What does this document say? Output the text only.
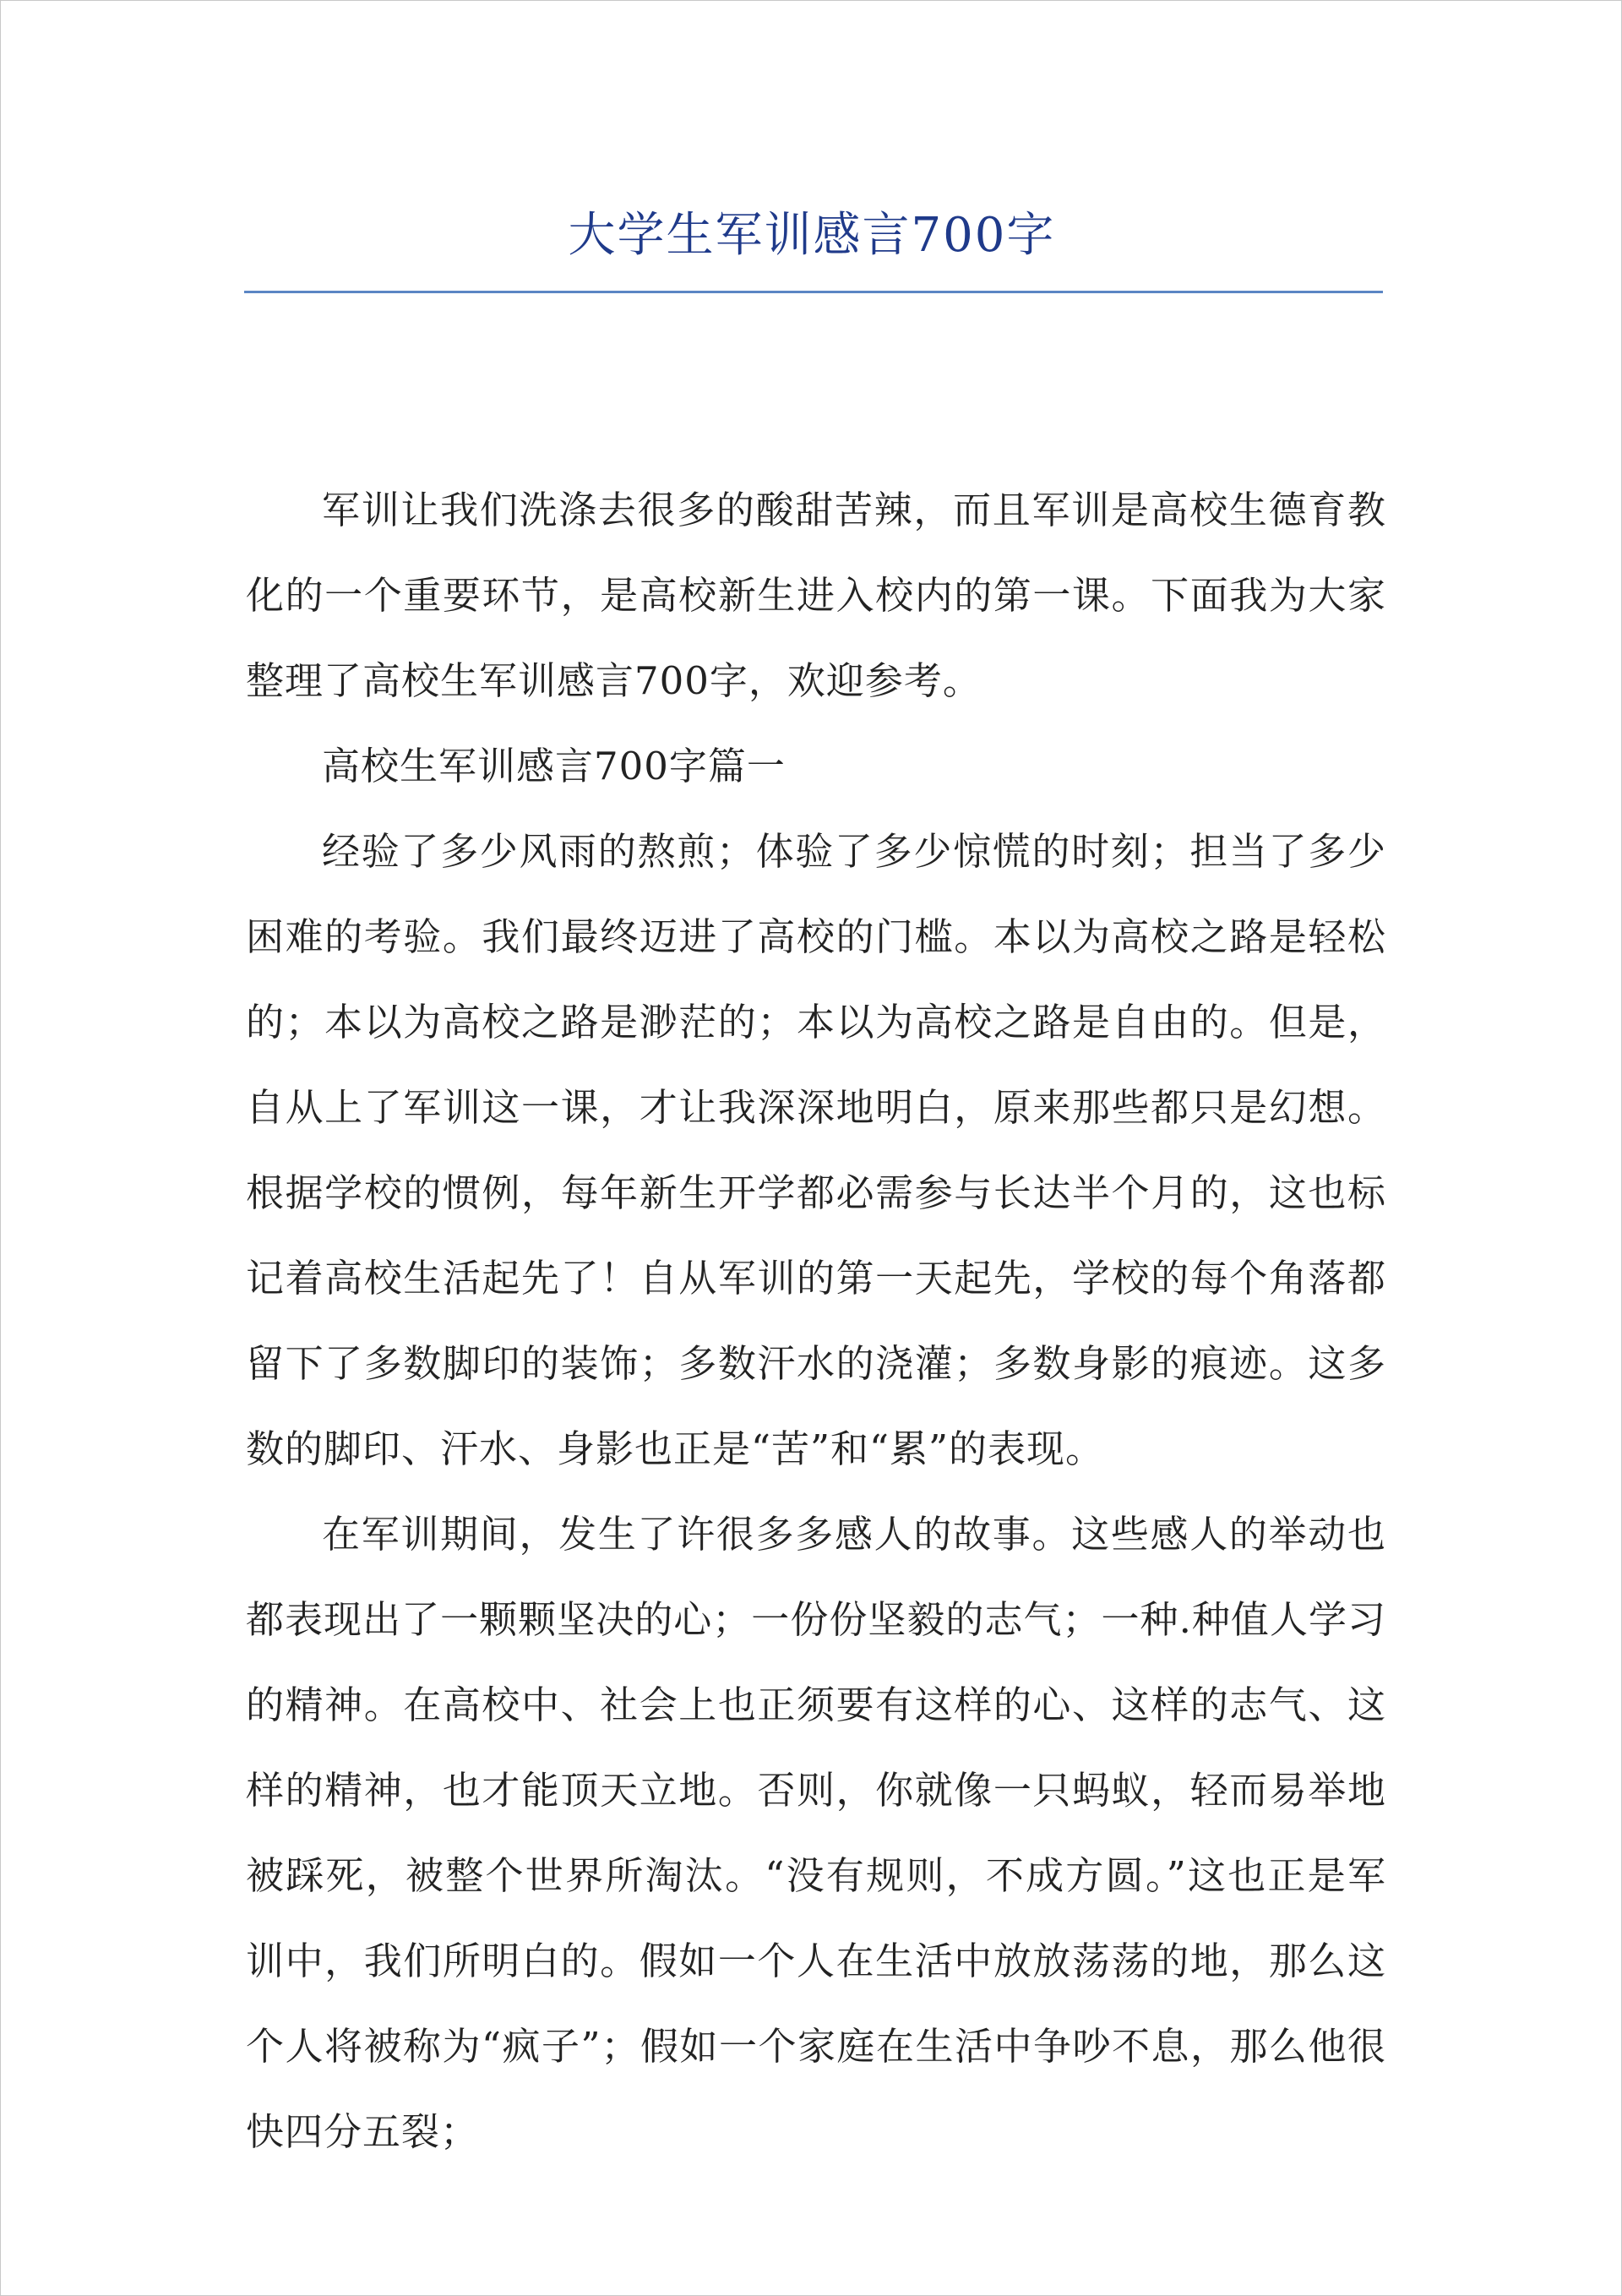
大学生军训感言700字

军训让我们洗涤去很多的酸甜苦辣，而且军训是高校生德育教化的一个重要环节，是高校新生进入校内的第一课。下面我为大家整理了高校生军训感言700字，欢迎参考。

高校生军训感言700字篇一

经验了多少风雨的熬煎；体验了多少惊慌的时刻；担当了多少困难的考验。我们最终迈进了高校的门槛。本以为高校之路是轻松的；本以为高校之路是渺茫的；本以为高校之路是自由的。但是，自从上了军训这一课，才让我深深地明白，原来那些都只是幻想。根据学校的惯例，每年新生开学都必需参与长达半个月的，这也标记着高校生活起先了！自从军训的第一天起先，学校的每个角落都留下了多数脚印的装饰；多数汗水的浇灌；多数身影的痕迹。这多数的脚印、汗水、身影也正是“苦”和“累”的表现。

在军训期间，发生了许很多多感人的故事。这些感人的举动也都表现出了一颗颗坚决的心；一份份坚毅的志气；一种.种值人学习的精神。在高校中、社会上也正须要有这样的心、这样的志气、这样的精神，也才能顶天立地。否则，你就像一只蚂蚁，轻而易举地被踩死，被整个世界所淘汰。“没有规则，不成方圆。”这也正是军训中，我们所明白的。假如一个人在生活中放放荡荡的地，那么这个人将被称为“疯子”；假如一个家庭在生活中争吵不息，那么他很快四分五裂；
